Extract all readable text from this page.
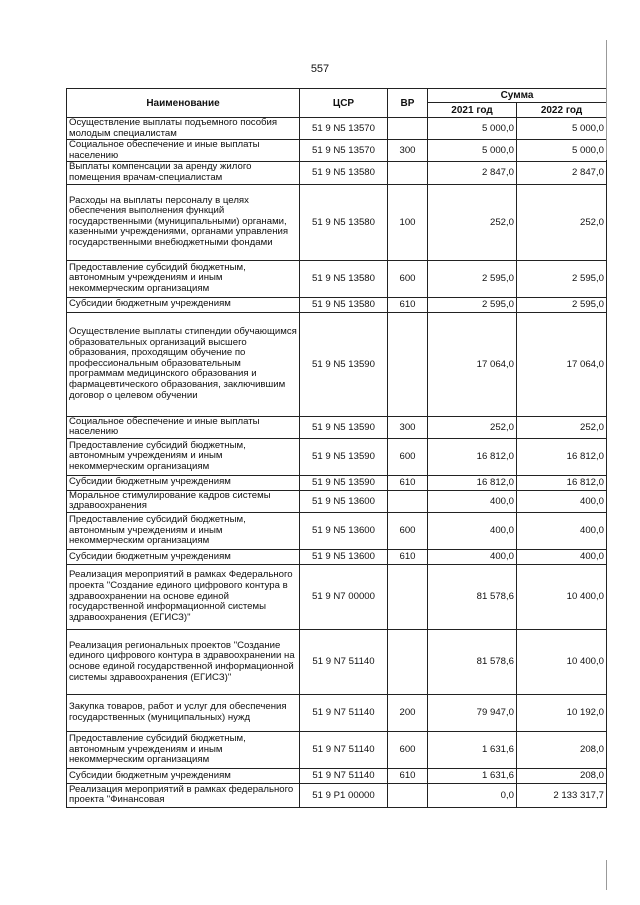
557
Наименование	ЦСР	ВР	Сумма	
			2021 год	2022 год
Осуществление выплаты подъемного пособия молодым специалистам	51 9 N5 13570		5 000,0	5 000,0
Социальное обеспечение и иные выплаты населению	51 9 N5 13570	300	5 000,0	5 000,0
Выплаты компенсации за аренду жилого помещения врачам-специалистам	51 9 N5 13580		2 847,0	2 847,0
Расходы на выплаты персоналу в целях обеспечения выполнения функций государственными (муниципальными) органами, казенными учреждениями, органами управления государственными внебюджетными фондами	51 9 N5 13580	100	252,0	252,0
Предоставление субсидий бюджетным, автономным учреждениям и иным некоммерческим организациям	51 9 N5 13580	600	2 595,0	2 595,0
Субсидии бюджетным учреждениям	51 9 N5 13580	610	2 595,0	2 595,0
Осуществление выплаты стипендии обучающимся образовательных организаций высшего образования, проходящим обучение по профессиональным образовательным программам медицинского образования и фармацевтического образования, заключившим договор о целевом обучении	51 9 N5 13590		17 064,0	17 064,0
Социальное обеспечение и иные выплаты населению	51 9 N5 13590	300	252,0	252,0
Предоставление субсидий бюджетным, автономным учреждениям и иным некоммерческим организациям	51 9 N5 13590	600	16 812,0	16 812,0
Субсидии бюджетным учреждениям	51 9 N5 13590	610	16 812,0	16 812,0
Моральное стимулирование кадров системы здравоохранения	51 9 N5 13600		400,0	400,0
Предоставление субсидий бюджетным, автономным учреждениям и иным некоммерческим организациям	51 9 N5 13600	600	400,0	400,0
Субсидии бюджетным учреждениям	51 9 N5 13600	610	400,0	400,0
Реализация мероприятий в рамках Федерального проекта "Создание единого цифрового контура в здравоохранении на основе единой государственной информационной системы здравоохранения (ЕГИСЗ)"	51 9 N7 00000		81 578,6	10 400,0
Реализация региональных проектов "Создание единого цифрового контура в здравоохранении на основе единой государственной информационной системы здравоохранения (ЕГИСЗ)"	51 9 N7 51140		81 578,6	10 400,0
Закупка товаров, работ и услуг для обеспечения государственных (муниципальных) нужд	51 9 N7 51140	200	79 947,0	10 192,0
Предоставление субсидий бюджетным, автономным учреждениям и иным некоммерческим организациям	51 9 N7 51140	600	1 631,6	208,0
Субсидии бюджетным учреждениям	51 9 N7 51140	610	1 631,6	208,0
Реализация мероприятий в рамках федерального проекта "Финансовая	51 9 P1 00000		0,0	2 133 317,7
